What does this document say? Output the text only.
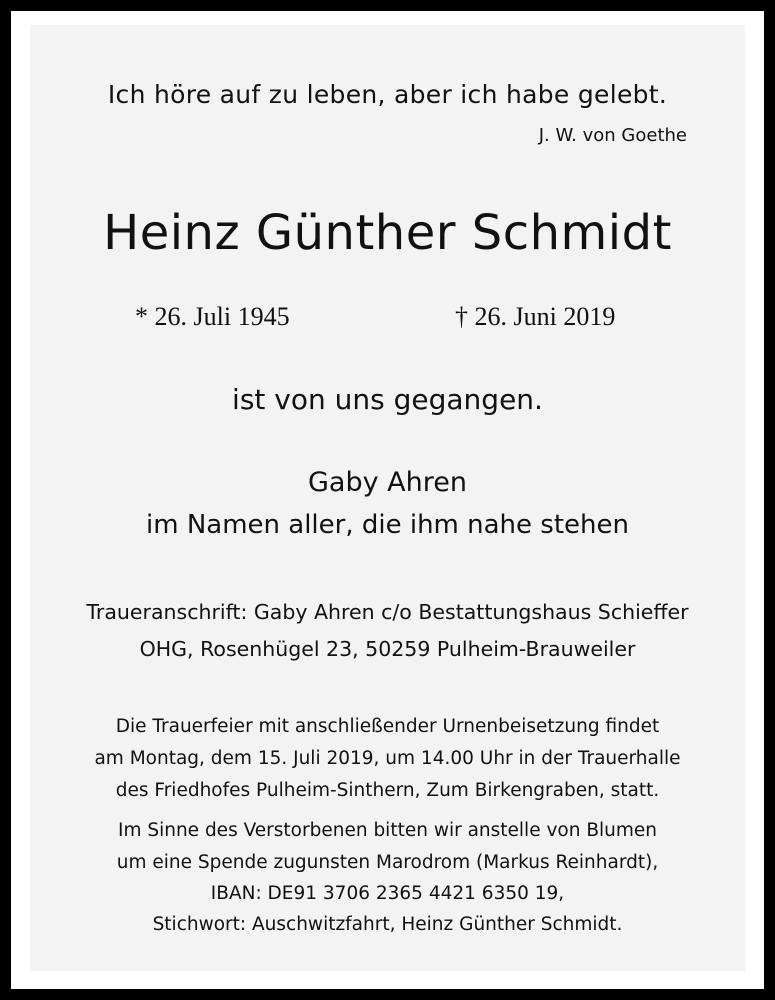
Ich höre auf zu leben, aber ich habe gelebt.
J. W. von Goethe
Heinz Günther Schmidt
* 26. Juli 1945	† 26. Juni 2019
ist von uns gegangen.
Gaby Ahren
im Namen aller, die ihm nahe stehen
Traueranschrift: Gaby Ahren c/o Bestattungshaus Schieffer
OHG, Rosenhügel 23, 50259 Pulheim-Brauweiler
Die Trauerfeier mit anschließender Urnenbeisetzung findet
am Montag, dem 15. Juli 2019, um 14.00 Uhr in der Trauerhalle
des Friedhofes Pulheim-Sinthern, Zum Birkengraben, statt.
Im Sinne des Verstorbenen bitten wir anstelle von Blumen
um eine Spende zugunsten Marodrom (Markus Reinhardt),
IBAN: DE91 3706 2365 4421 6350 19,
Stichwort: Auschwitzfahrt, Heinz Günther Schmidt.
